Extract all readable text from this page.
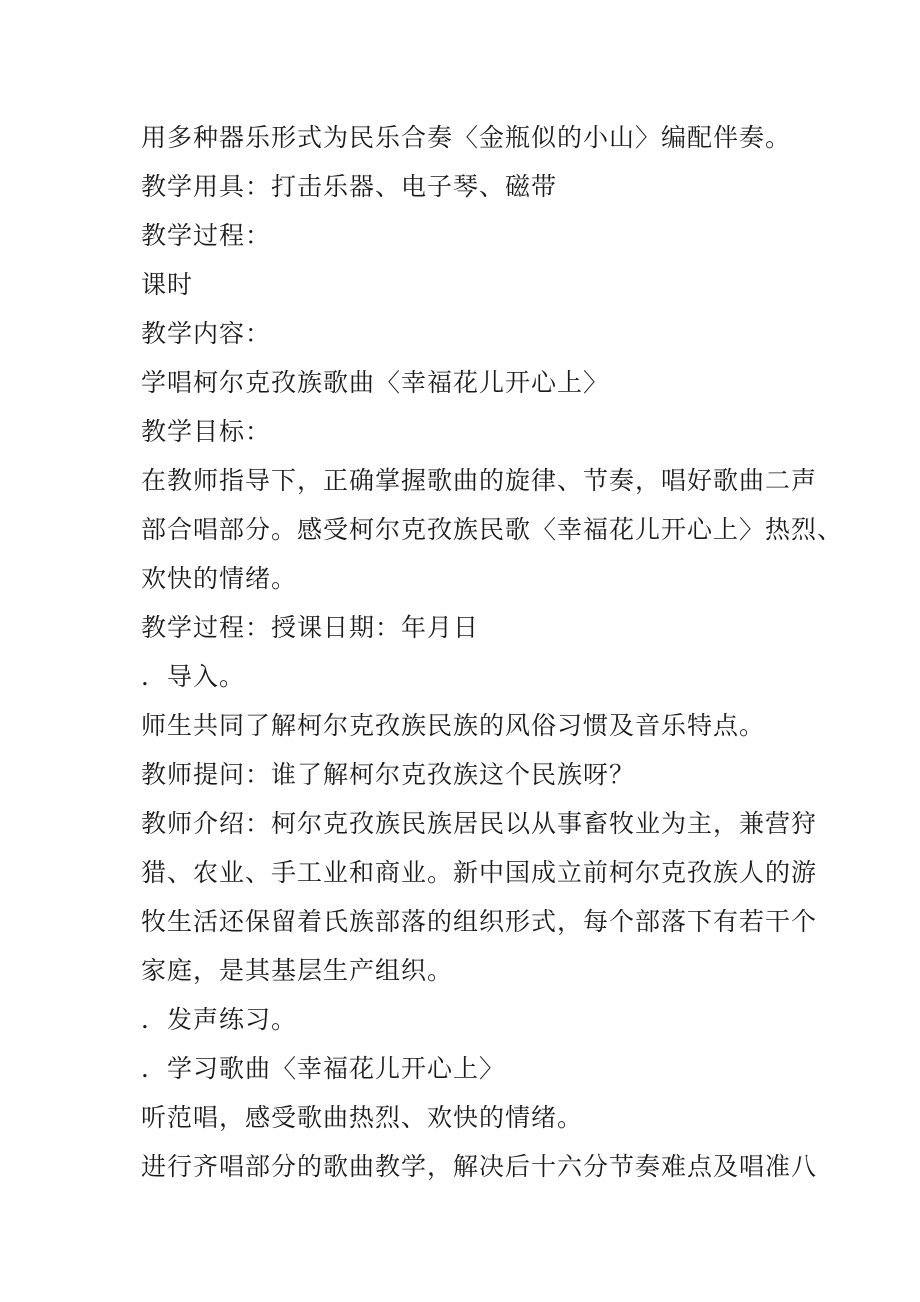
用多种器乐形式为民乐合奏〈金瓶似的小山〉编配伴奏。
教学用具：打击乐器、电子琴、磁带
教学过程：
课时
教学内容：
学唱柯尔克孜族歌曲〈幸福花儿开心上〉
教学目标：
在教师指导下，正确掌握歌曲的旋律、节奏，唱好歌曲二声
部合唱部分。感受柯尔克孜族民歌〈幸福花儿开心上〉热烈、
欢快的情绪。
教学过程：授课日期：年月日
．导入。
师生共同了解柯尔克孜族民族的风俗习惯及音乐特点。
教师提问：谁了解柯尔克孜族这个民族呀？
教师介绍：柯尔克孜族民族居民以从事畜牧业为主，兼营狩
猎、农业、手工业和商业。新中国成立前柯尔克孜族人的游
牧生活还保留着氏族部落的组织形式，每个部落下有若干个
家庭，是其基层生产组织。
．发声练习。
．学习歌曲〈幸福花儿开心上〉
听范唱，感受歌曲热烈、欢快的情绪。
进行齐唱部分的歌曲教学，解决后十六分节奏难点及唱准八
